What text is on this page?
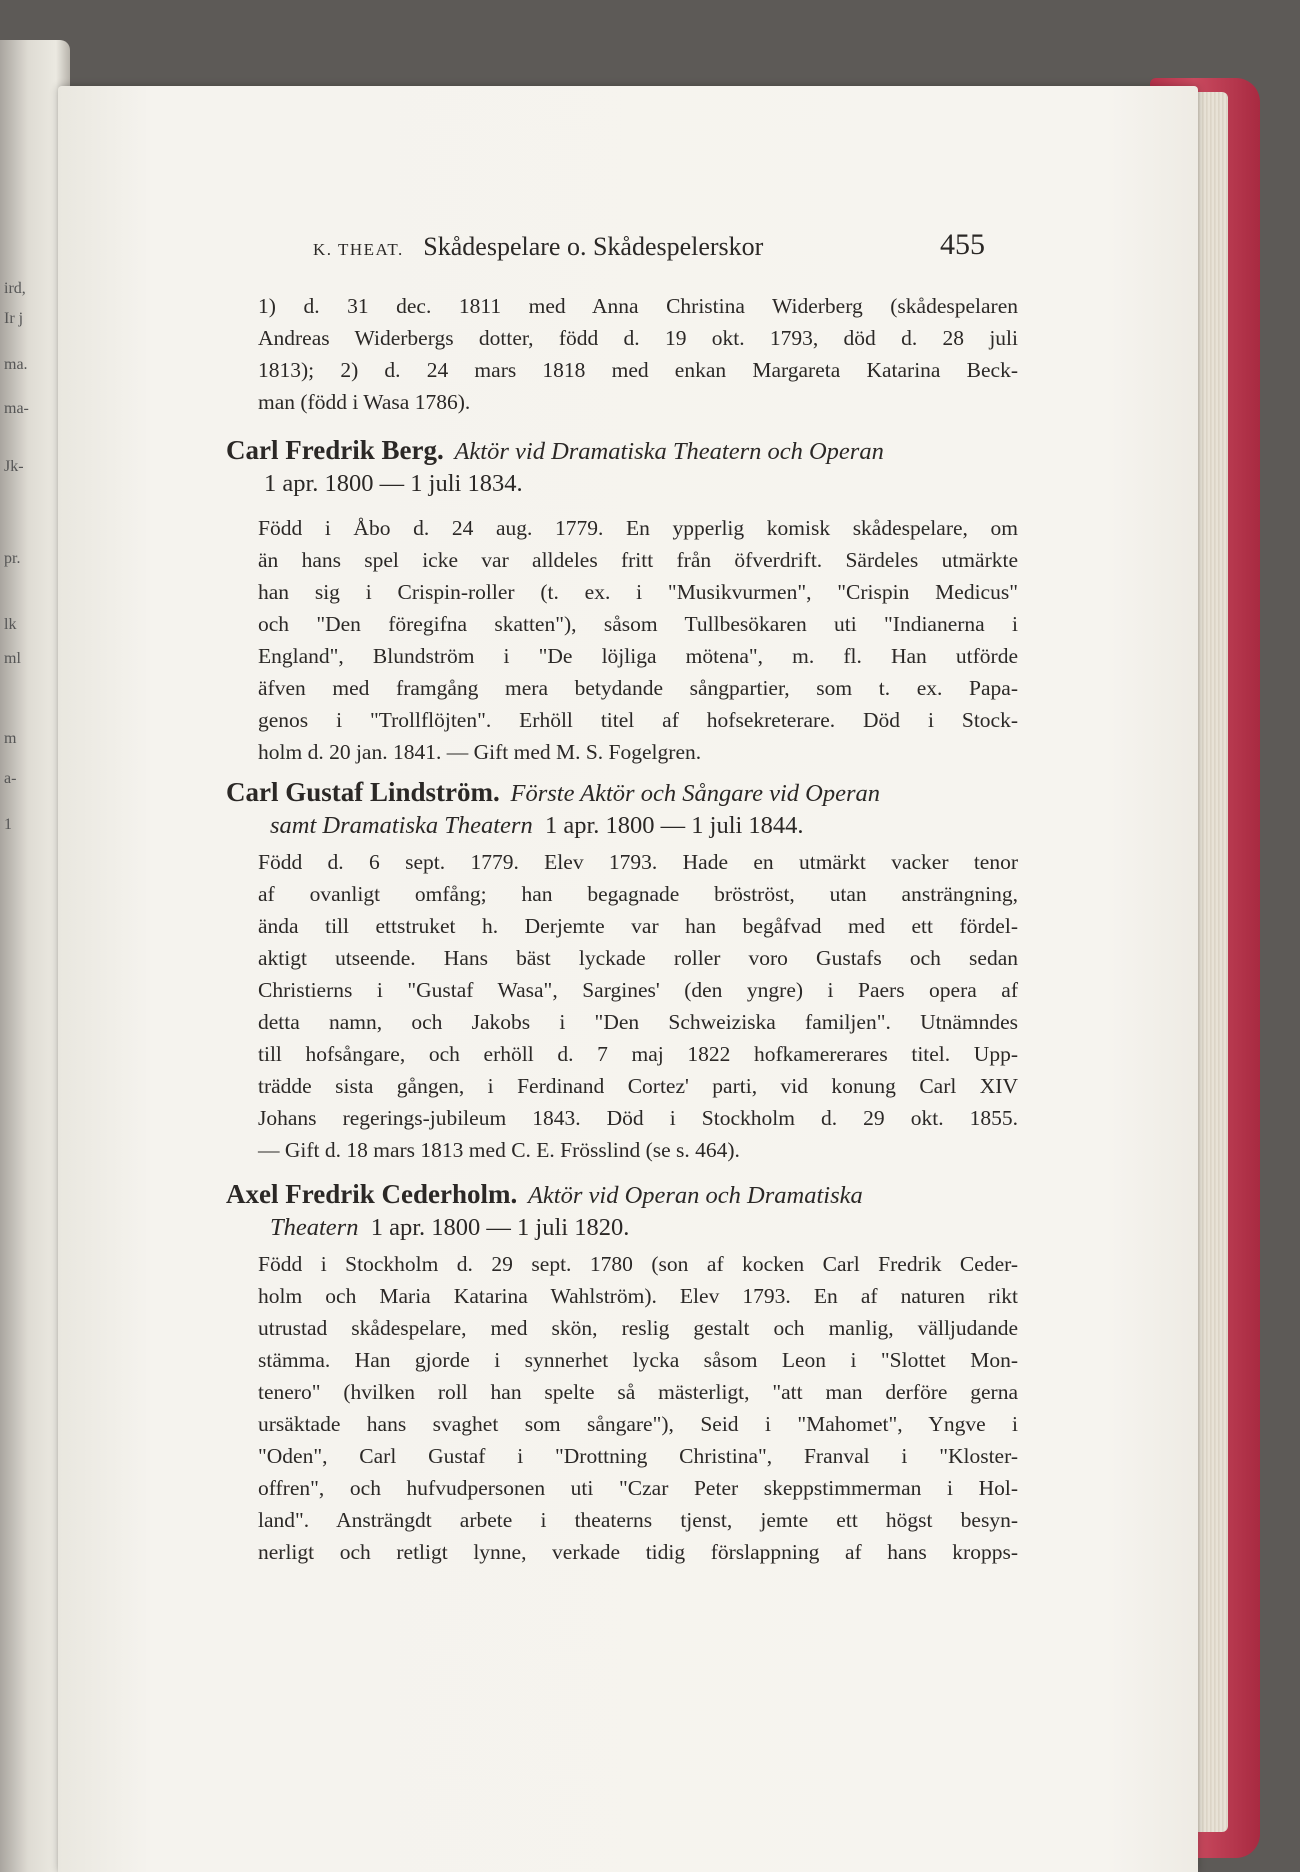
ird,
Ir j
ma.
ma-
Jk-
pr.
lk
ml
m
a-
1
K. THEAT. Skådespelare o. Skådespelerskor	455
1) d. 31 dec. 1811 med Anna Christina Widerberg (skådespelaren
Andreas Widerbergs dotter, född d. 19 okt. 1793, död d. 28 juli
1813); 2) d. 24 mars 1818 med enkan Margareta Katarina Beck-
man (född i Wasa 1786).
Carl Fredrik Berg. Aktör vid Dramatiska Theatern och Operan
1 apr. 1800 — 1 juli 1834.
Född i Åbo d. 24 aug. 1779. En ypperlig komisk skådespelare, om
än hans spel icke var alldeles fritt från öfverdrift. Särdeles utmärkte
han sig i Crispin-roller (t. ex. i "Musikvurmen", "Crispin Medicus"
och "Den föregifna skatten"), såsom Tullbesökaren uti "Indianerna i
England", Blundström i "De löjliga mötena", m. fl. Han utförde
äfven med framgång mera betydande sångpartier, som t. ex. Papa-
genos i "Trollflöjten". Erhöll titel af hofsekreterare. Död i Stock-
holm d. 20 jan. 1841. — Gift med M. S. Fogelgren.
Carl Gustaf Lindström. Förste Aktör och Sångare vid Operan
samt Dramatiska Theatern 1 apr. 1800 — 1 juli 1844.
Född d. 6 sept. 1779. Elev 1793. Hade en utmärkt vacker tenor
af ovanligt omfång; han begagnade bröströst, utan ansträngning,
ända till ettstruket h. Derjemte var han begåfvad med ett fördel-
aktigt utseende. Hans bäst lyckade roller voro Gustafs och sedan
Christierns i "Gustaf Wasa", Sargines' (den yngre) i Paers opera af
detta namn, och Jakobs i "Den Schweiziska familjen". Utnämndes
till hofsångare, och erhöll d. 7 maj 1822 hofkamererares titel. Upp-
trädde sista gången, i Ferdinand Cortez' parti, vid konung Carl XIV
Johans regerings-jubileum 1843. Död i Stockholm d. 29 okt. 1855.
— Gift d. 18 mars 1813 med C. E. Frösslind (se s. 464).
Axel Fredrik Cederholm. Aktör vid Operan och Dramatiska
Theatern 1 apr. 1800 — 1 juli 1820.
Född i Stockholm d. 29 sept. 1780 (son af kocken Carl Fredrik Ceder-
holm och Maria Katarina Wahlström). Elev 1793. En af naturen rikt
utrustad skådespelare, med skön, reslig gestalt och manlig, välljudande
stämma. Han gjorde i synnerhet lycka såsom Leon i "Slottet Mon-
tenero" (hvilken roll han spelte så mästerligt, "att man derföre gerna
ursäktade hans svaghet som sångare"), Seid i "Mahomet", Yngve i
"Oden", Carl Gustaf i "Drottning Christina", Franval i "Kloster-
offren", och hufvudpersonen uti "Czar Peter skeppstimmerman i Hol-
land". Ansträngdt arbete i theaterns tjenst, jemte ett högst besyn-
nerligt och retligt lynne, verkade tidig förslappning af hans kropps-
